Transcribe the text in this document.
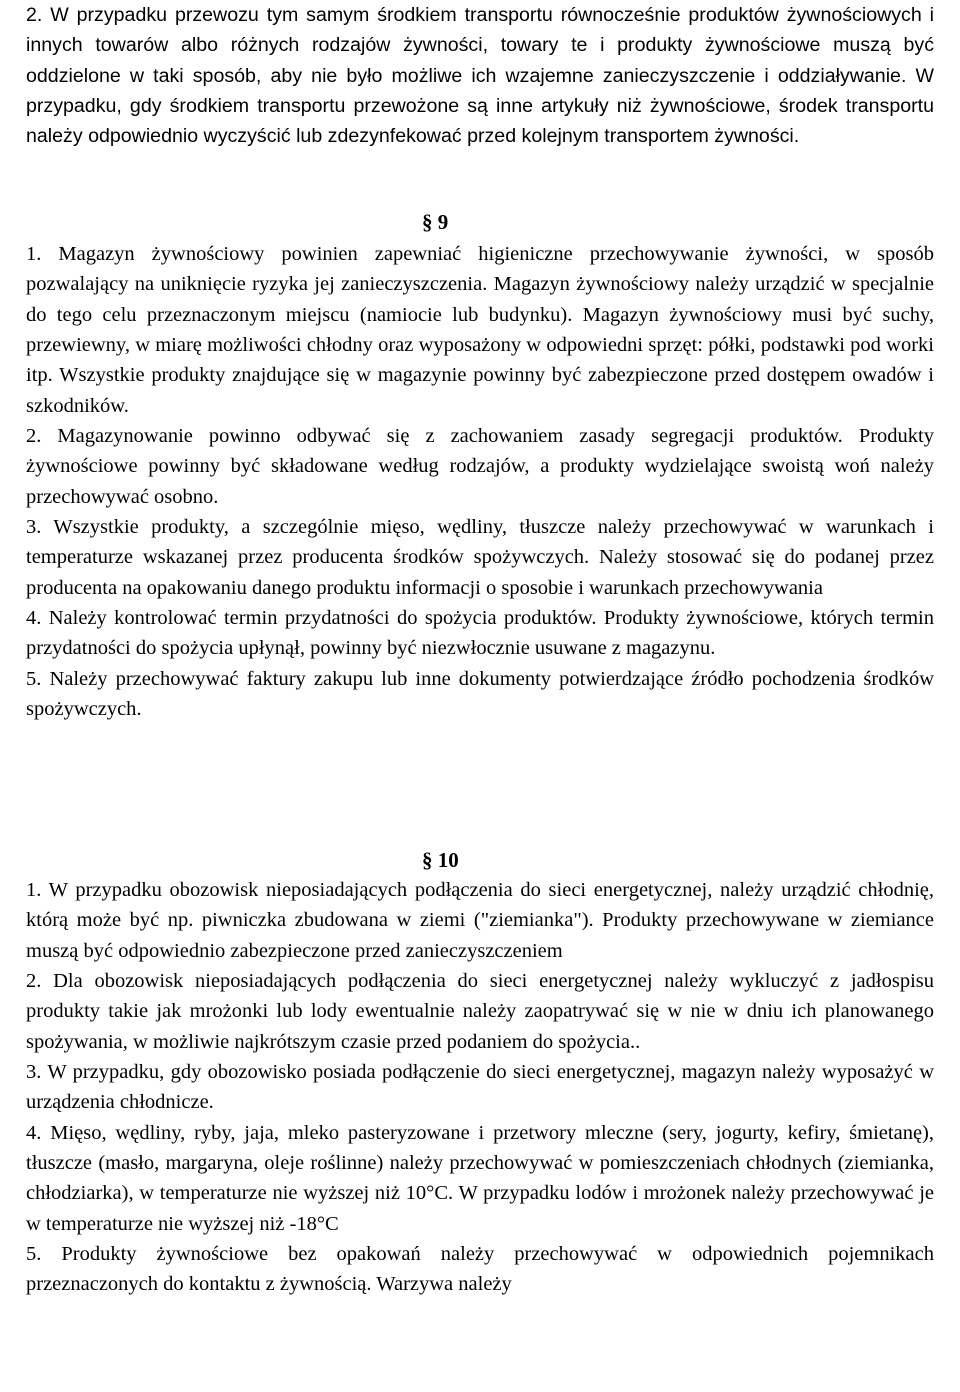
2. W przypadku przewozu tym samym środkiem transportu równocześnie produktów żywnościowych i innych towarów albo różnych rodzajów żywności, towary te i produkty żywnościowe muszą być oddzielone w taki sposób, aby nie było możliwe ich wzajemne zanieczyszczenie i oddziaływanie. W przypadku, gdy środkiem transportu przewożone są inne artykuły niż żywnościowe, środek transportu należy odpowiednio wyczyścić lub zdezynfekować przed kolejnym transportem żywności.

§ 9

1. Magazyn żywnościowy powinien zapewniać higieniczne przechowywanie żywności, w sposób pozwalający na uniknięcie ryzyka jej zanieczyszczenia. Magazyn żywnościowy należy urządzić w specjalnie do tego celu przeznaczonym miejscu (namiocie lub budynku). Magazyn żywnościowy musi być suchy, przewiewny, w miarę możliwości chłodny oraz wyposażony w odpowiedni sprzęt: półki, podstawki pod worki itp. Wszystkie produkty znajdujące się w magazynie powinny być zabezpieczone przed dostępem owadów i szkodników.

2. Magazynowanie powinno odbywać się z zachowaniem zasady segregacji produktów. Produkty żywnościowe powinny być składowane według rodzajów, a produkty wydzielające swoistą woń należy przechowywać osobno.

3. Wszystkie produkty, a szczególnie mięso, wędliny, tłuszcze należy przechowywać w warunkach i temperaturze wskazanej przez producenta środków spożywczych. Należy stosować się do podanej przez producenta na opakowaniu danego produktu informacji o sposobie i warunkach przechowywania

4. Należy kontrolować termin przydatności do spożycia produktów. Produkty żywnościowe, których termin przydatności do spożycia upłynął, powinny być niezwłocznie usuwane z magazynu.

5. Należy przechowywać faktury zakupu lub inne dokumenty potwierdzające źródło pochodzenia środków spożywczych.

§ 10

1. W przypadku obozowisk nieposiadających podłączenia do sieci energetycznej, należy urządzić chłodnię, którą może być np. piwniczka zbudowana w ziemi ("ziemianka"). Produkty przechowywane w ziemiance muszą być odpowiednio zabezpieczone przed zanieczyszczeniem

2. Dla obozowisk nieposiadających podłączenia do sieci energetycznej należy wykluczyć z jadłospisu produkty takie jak mrożonki lub lody ewentualnie należy zaopatrywać się w nie w dniu ich planowanego spożywania, w możliwie najkrótszym czasie przed podaniem do spożycia..

3. W przypadku, gdy obozowisko posiada podłączenie do sieci energetycznej, magazyn należy wyposażyć w urządzenia chłodnicze.

4. Mięso, wędliny, ryby, jaja, mleko pasteryzowane i przetwory mleczne (sery, jogurty, kefiry, śmietanę), tłuszcze (masło, margaryna, oleje roślinne) należy przechowywać w pomieszczeniach chłodnych (ziemianka, chłodziarka), w temperaturze nie wyższej niż 10°C. W przypadku lodów i mrożonek należy przechowywać je w temperaturze nie wyższej niż -18°C

5. Produkty żywnościowe bez opakowań należy przechowywać w odpowiednich pojemnikach przeznaczonych do kontaktu z żywnością. Warzywa należy
